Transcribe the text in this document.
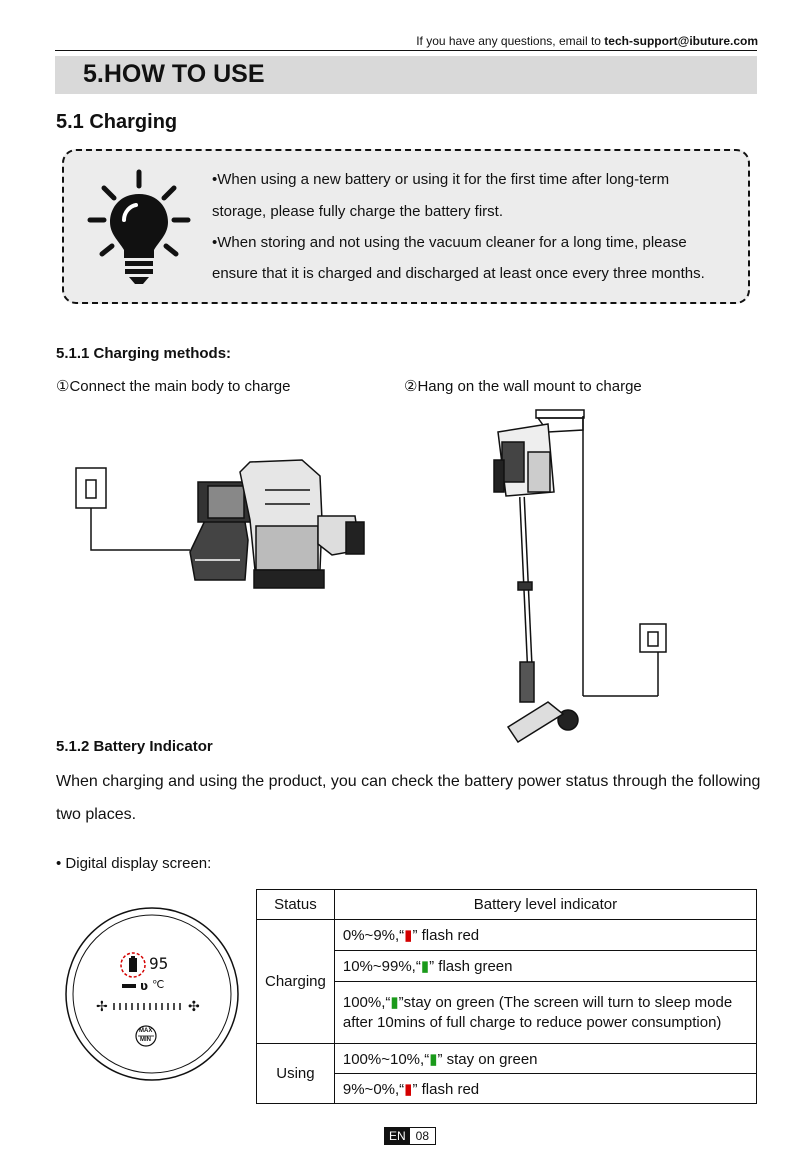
If you have any questions, email to tech-support@ibuture.com
5.HOW TO USE
5.1 Charging
•When using a new battery or using it for the first time after long-term
storage, please fully charge the battery first.
•When storing and not using the vacuum cleaner for a long time, please
ensure that it is charged and discharged at least once every three months.
5.1.1 Charging methods:
①Connect the main body to charge	②Hang on the wall mount to charge
5.1.2 Battery Indicator
When charging and using the product, you can check the battery power status through the following
two places.
• Digital display screen:
✢	✣
ʋ
95
℃
MAX
MIN
Status	Battery level indicator
Charging	0%~9%,“▮” flash red
	10%~99%,“▮” flash green
	100%,“▮”stay on green (The screen will turn to sleep mode after 10mins of full charge to reduce power consumption)
Using	100%~10%,“▮” stay on green
	9%~0%,“▮” flash red
EN 08
